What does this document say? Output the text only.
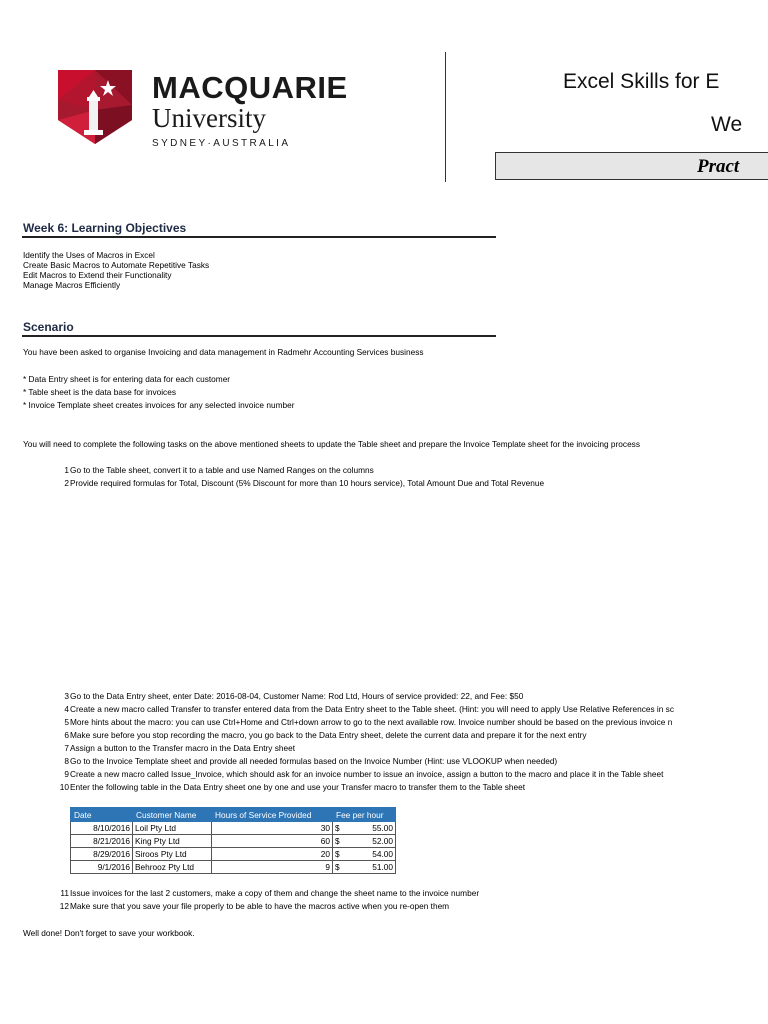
MACQUARIE
University
SYDNEY·AUSTRALIA
Excel Skills for E
We
Pract
Week 6: Learning Objectives
Identify the Uses of Macros in Excel
Create Basic Macros to Automate Repetitive Tasks
Edit Macros to Extend their Functionality
Manage Macros Efficiently
Scenario
You have been asked to organise Invoicing and data management in Radmehr Accounting Services business
* Data Entry sheet is for entering data for each customer
* Table sheet is the data base for invoices
* Invoice Template sheet creates invoices for any selected invoice number
You will need to complete the following tasks on the above mentioned sheets to update the Table sheet and prepare the Invoice Template sheet for the invoicing process
1Go to the Table sheet, convert it to a table and use Named Ranges on the columns
2Provide required formulas for Total, Discount (5% Discount for more than 10 hours service), Total Amount Due and Total Revenue
3Go to the Data Entry sheet, enter Date: 2016-08-04, Customer Name: Rod Ltd, Hours of service provided: 22, and Fee: $50
4Create a new macro called Transfer to transfer entered data from the Data Entry sheet to the Table sheet. (Hint: you will need to apply Use Relative References in sc
5More hints about the macro: you can use Ctrl+Home and Ctrl+down arrow to go to the next available row. Invoice number should be based on the previous invoice n
6Make sure before you stop recording the macro, you go back to the Data Entry sheet, delete the current data and prepare it for the next entry
7Assign a button to the Transfer macro in the Data Entry sheet
8Go to the Invoice Template sheet and provide all needed formulas based on the Invoice Number (Hint: use VLOOKUP when needed)
9Create a new macro called Issue_Invoice, which should ask for an invoice number to issue an invoice, assign a button to the macro and place it in the Table sheet
10Enter the following table in the Data Entry sheet one by one and use your Transfer macro to transfer them to the Table sheet
Date	Customer Name	Hours of Service Provided	Fee per hour	
8/10/2016	Loil Pty Ltd	30	$	55.00
8/21/2016	King Pty Ltd	60	$	52.00
8/29/2016	Siroos Pty Ltd	20	$	54.00
9/1/2016	Behrooz Pty Ltd	9	$	51.00
11Issue invoices for the last 2 customers, make a copy of them and change the sheet name to the invoice number
12Make sure that you save your file properly to be able to have the macros active when you re-open them
Well done! Don't forget to save your workbook.
